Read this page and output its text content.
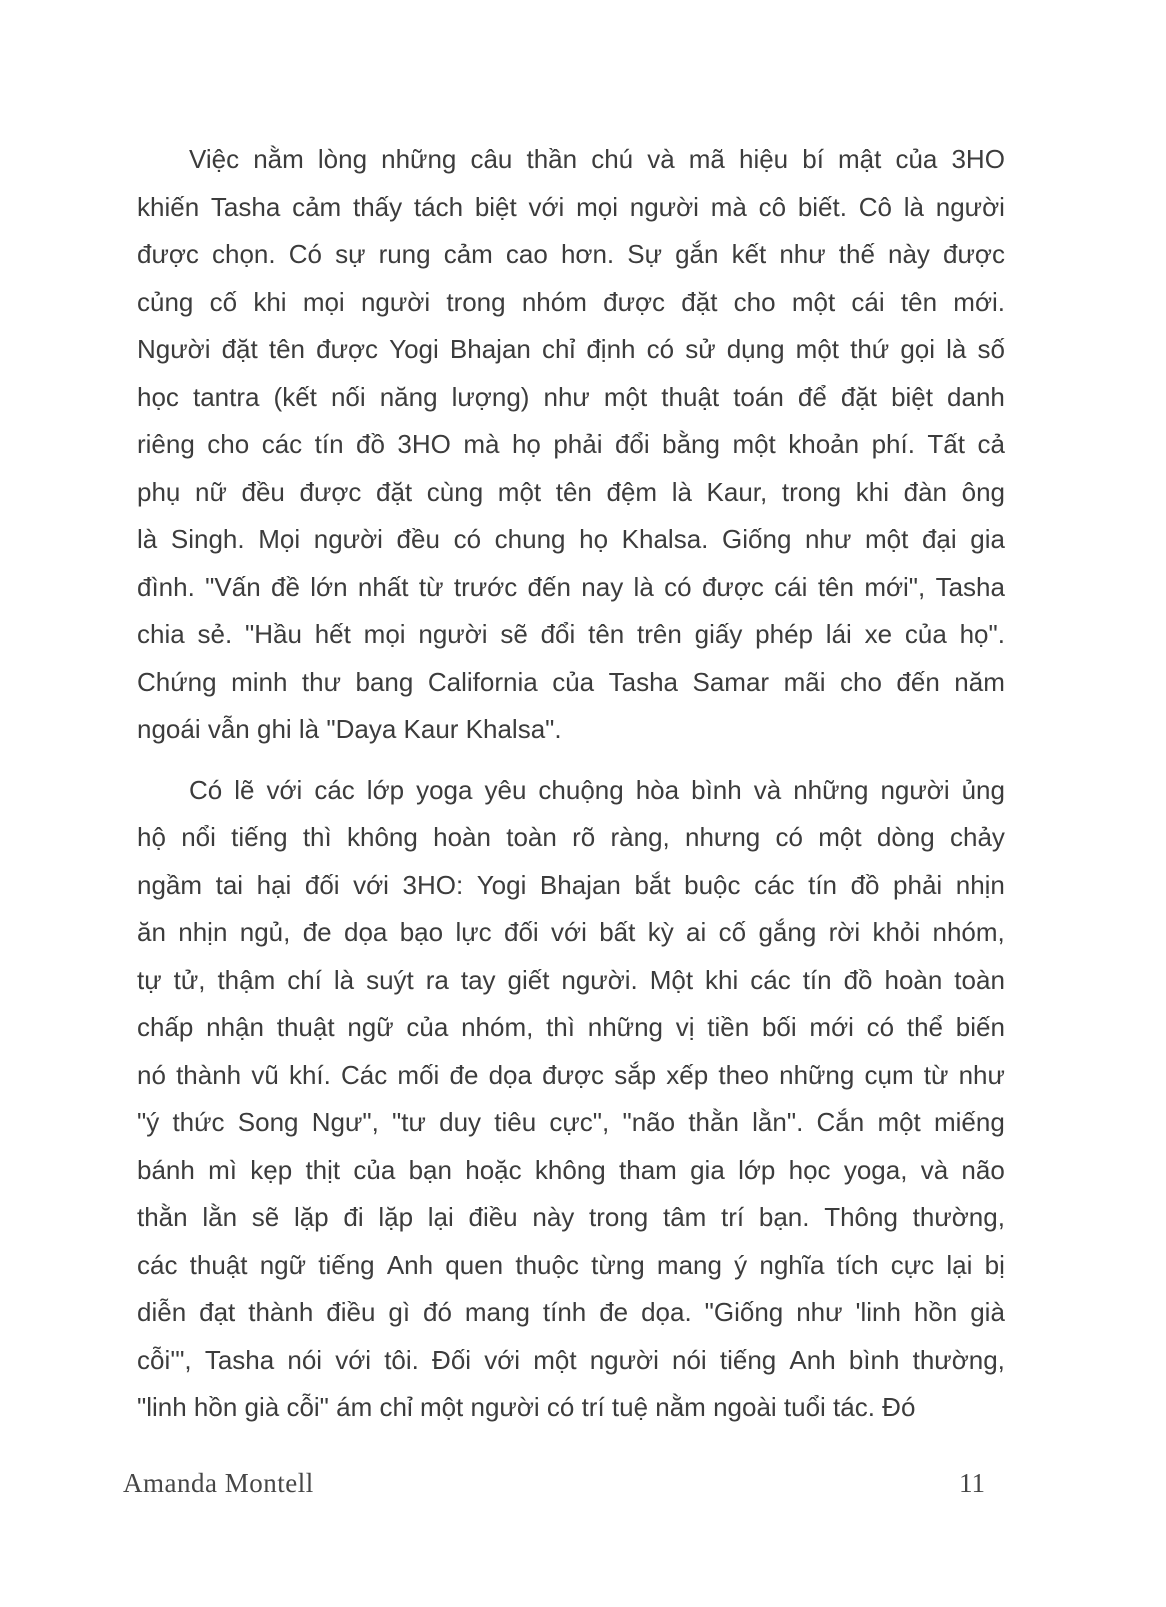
Việc nằm lòng những câu thần chú và mã hiệu bí mật của 3HO
khiến Tasha cảm thấy tách biệt với mọi người mà cô biết. Cô là người
được chọn. Có sự rung cảm cao hơn. Sự gắn kết như thế này được
củng cố khi mọi người trong nhóm được đặt cho một cái tên mới.
Người đặt tên được Yogi Bhajan chỉ định có sử dụng một thứ gọi là số
học tantra (kết nối năng lượng) như một thuật toán để đặt biệt danh
riêng cho các tín đồ 3HO mà họ phải đổi bằng một khoản phí. Tất cả
phụ nữ đều được đặt cùng một tên đệm là Kaur, trong khi đàn ông
là Singh. Mọi người đều có chung họ Khalsa. Giống như một đại gia
đình. "Vấn đề lớn nhất từ trước đến nay là có được cái tên mới", Tasha
chia sẻ. "Hầu hết mọi người sẽ đổi tên trên giấy phép lái xe của họ".
Chứng minh thư bang California của Tasha Samar mãi cho đến năm
ngoái vẫn ghi là "Daya Kaur Khalsa".
Có lẽ với các lớp yoga yêu chuộng hòa bình và những người ủng
hộ nổi tiếng thì không hoàn toàn rõ ràng, nhưng có một dòng chảy
ngầm tai hại đối với 3HO: Yogi Bhajan bắt buộc các tín đồ phải nhịn
ăn nhịn ngủ, đe dọa bạo lực đối với bất kỳ ai cố gắng rời khỏi nhóm,
tự tử, thậm chí là suýt ra tay giết người. Một khi các tín đồ hoàn toàn
chấp nhận thuật ngữ của nhóm, thì những vị tiền bối mới có thể biến
nó thành vũ khí. Các mối đe dọa được sắp xếp theo những cụm từ như
"ý thức Song Ngư", "tư duy tiêu cực", "não thằn lằn". Cắn một miếng
bánh mì kẹp thịt của bạn hoặc không tham gia lớp học yoga, và não
thằn lằn sẽ lặp đi lặp lại điều này trong tâm trí bạn. Thông thường,
các thuật ngữ tiếng Anh quen thuộc từng mang ý nghĩa tích cực lại bị
diễn đạt thành điều gì đó mang tính đe dọa. "Giống như 'linh hồn già
cỗi'", Tasha nói với tôi. Đối với một người nói tiếng Anh bình thường,
"linh hồn già cỗi" ám chỉ một người có trí tuệ nằm ngoài tuổi tác. Đó
Amanda Montell	11
